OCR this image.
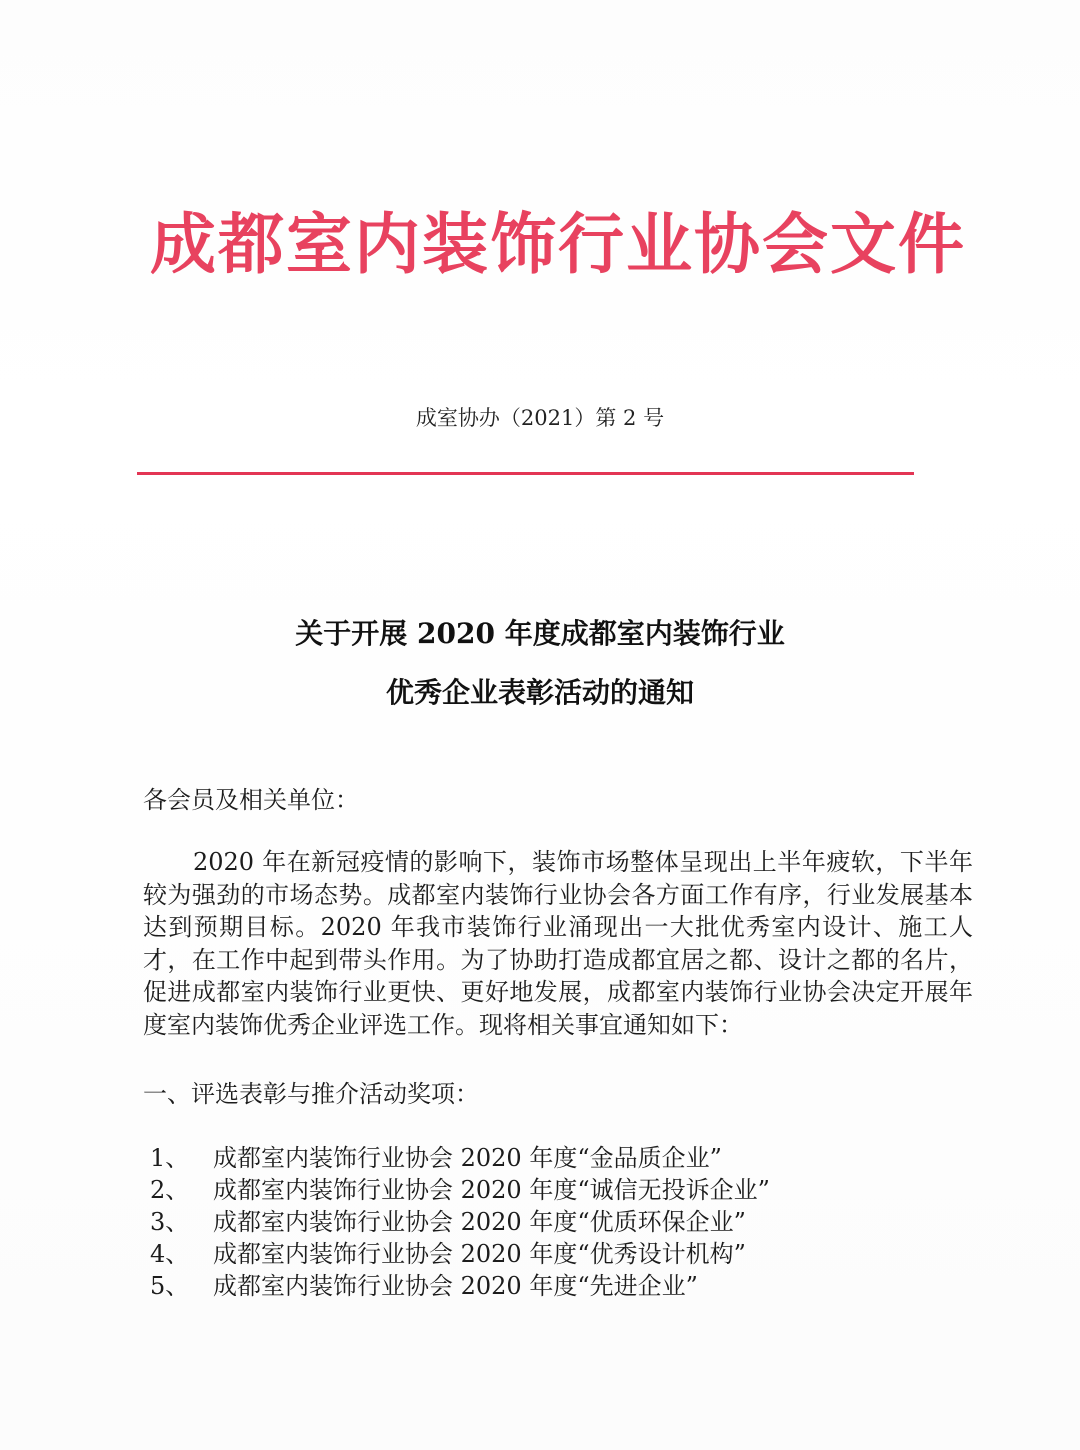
成都室内装饰行业协会文件
成室协办（2021）第 2 号
关于开展 2020 年度成都室内装饰行业
优秀企业表彰活动的通知
各会员及相关单位：
2020 年在新冠疫情的影响下，装饰市场整体呈现出上半年疲软，下半年较为强劲的市场态势。成都室内装饰行业协会各方面工作有序，行业发展基本达到预期目标。2020 年我市装饰行业涌现出一大批优秀室内设计、施工人才，在工作中起到带头作用。为了协助打造成都宜居之都、设计之都的名片，促进成都室内装饰行业更快、更好地发展，成都室内装饰行业协会决定开展年度室内装饰优秀企业评选工作。现将相关事宜通知如下：
一、评选表彰与推介活动奖项：
1、 成都室内装饰行业协会 2020 年度“金品质企业”
2、 成都室内装饰行业协会 2020 年度“诚信无投诉企业”
3、 成都室内装饰行业协会 2020 年度“优质环保企业”
4、 成都室内装饰行业协会 2020 年度“优秀设计机构”
5、 成都室内装饰行业协会 2020 年度“先进企业”
